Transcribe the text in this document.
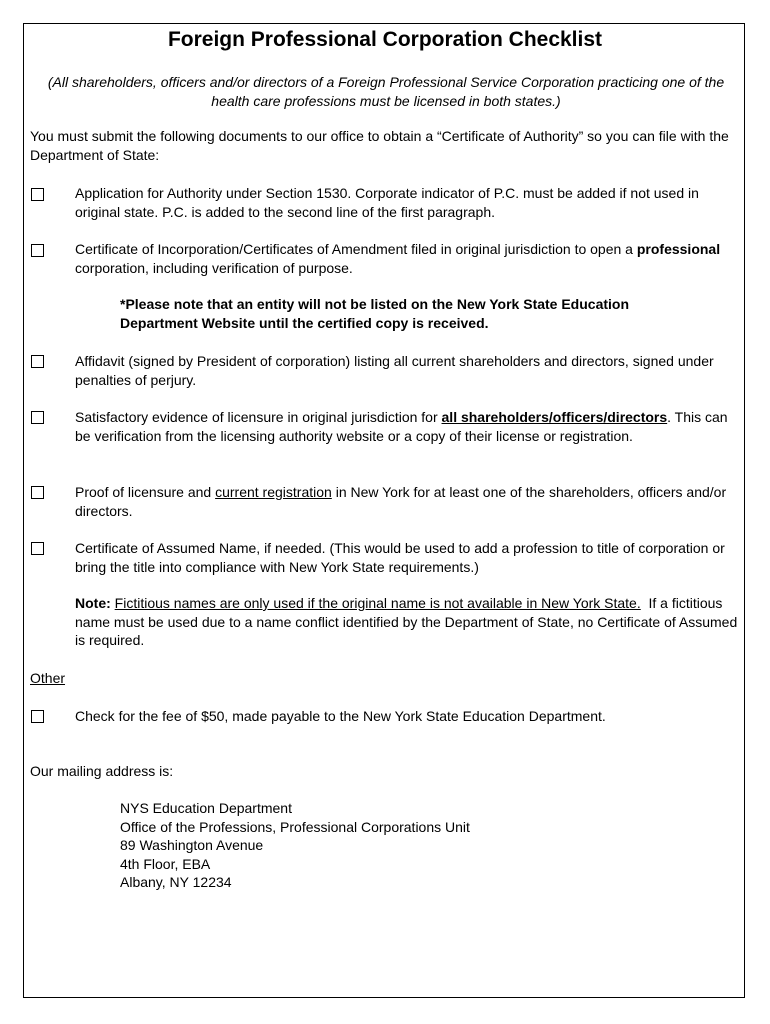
Foreign Professional Corporation Checklist
(All shareholders, officers and/or directors of a Foreign Professional Service Corporation practicing one of the health care professions must be licensed in both states.)
You must submit the following documents to our office to obtain a “Certificate of Authority” so you can file with the Department of State:
Application for Authority under Section 1530. Corporate indicator of P.C. must be added if not used in original state. P.C. is added to the second line of the first paragraph.
Certificate of Incorporation/Certificates of Amendment filed in original jurisdiction to open a professional corporation, including verification of purpose.
*Please note that an entity will not be listed on the New York State Education Department Website until the certified copy is received.
Affidavit (signed by President of corporation) listing all current shareholders and directors, signed under penalties of perjury.
Satisfactory evidence of licensure in original jurisdiction for all shareholders/officers/directors. This can be verification from the licensing authority website or a copy of their license or registration.
Proof of licensure and current registration in New York for at least one of the shareholders, officers and/or directors.
Certificate of Assumed Name, if needed. (This would be used to add a profession to title of corporation or bring the title into compliance with New York State requirements.)
Note: Fictitious names are only used if the original name is not available in New York State.  If a fictitious name must be used due to a name conflict identified by the Department of State, no Certificate of Assumed is required.
Other
Check for the fee of $50, made payable to the New York State Education Department.
Our mailing address is:
NYS Education Department
Office of the Professions, Professional Corporations Unit
89 Washington Avenue
4th Floor, EBA
Albany, NY 12234
